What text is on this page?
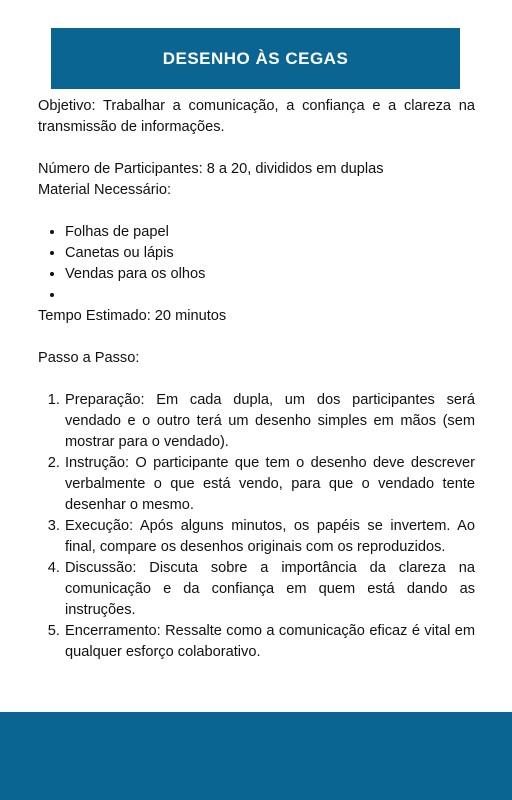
DESENHO ÀS CEGAS

Objetivo: Trabalhar a comunicação, a confiança e a clareza na transmissão de informações.

Número de Participantes: 8 a 20, divididos em duplas

Material Necessário:

• Folhas de papel
• Canetas ou lápis
• Vendas para os olhos
•

Tempo Estimado: 20 minutos

Passo a Passo:

1. Preparação: Em cada dupla, um dos participantes será vendado e o outro terá um desenho simples em mãos (sem mostrar para o vendado).
2. Instrução: O participante que tem o desenho deve descrever verbalmente o que está vendo, para que o vendado tente desenhar o mesmo.
3. Execução: Após alguns minutos, os papéis se invertem. Ao final, compare os desenhos originais com os reproduzidos.
4. Discussão: Discuta sobre a importância da clareza na comunicação e da confiança em quem está dando as instruções.
5. Encerramento: Ressalte como a comunicação eficaz é vital em qualquer esforço colaborativo.
